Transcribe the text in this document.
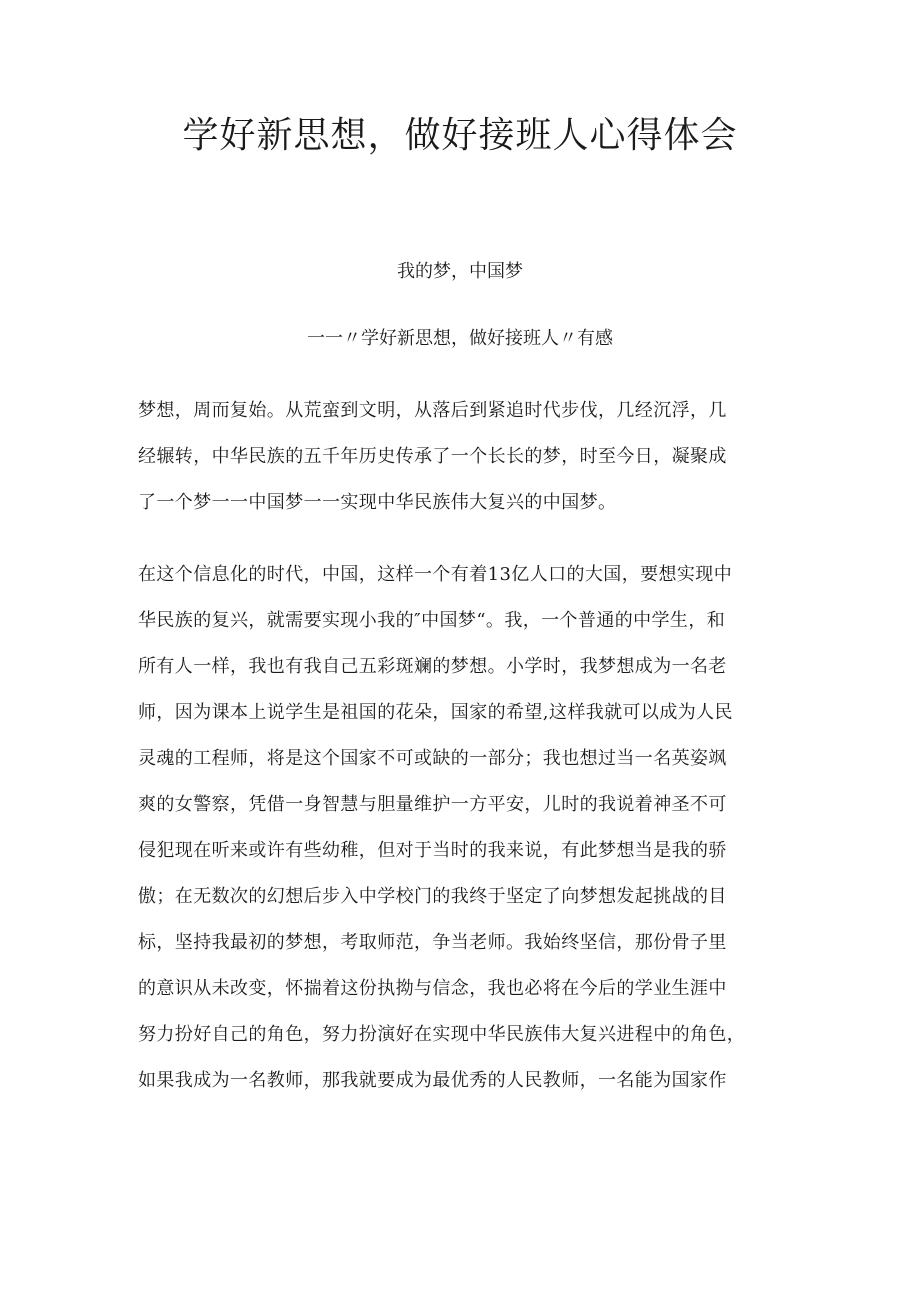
学好新思想，做好接班人心得体会
我的梦，中国梦
一一〃学好新思想，做好接班人〃有感
梦想，周而复始。从荒蛮到文明，从落后到紧追时代步伐，几经沉浮，几
经辗转，中华民族的五千年历史传承了一个长长的梦，时至今日，凝聚成
了一个梦一一中国梦一一实现中华民族伟大复兴的中国梦。
在这个信息化的时代，中国，这样一个有着13亿人口的大国，要想实现中
华民族的复兴，就需要实现小我的″中国梦“。我，一个普通的中学生，和
所有人一样，我也有我自己五彩斑斓的梦想。小学时，我梦想成为一名老
师，因为课本上说学生是祖国的花朵，国家的希望,这样我就可以成为人民
灵魂的工程师，将是这个国家不可或缺的一部分；我也想过当一名英姿飒
爽的女警察，凭借一身智慧与胆量维护一方平安，儿时的我说着神圣不可
侵犯现在听来或许有些幼稚，但对于当时的我来说，有此梦想当是我的骄
傲；在无数次的幻想后步入中学校门的我终于坚定了向梦想发起挑战的目
标，坚持我最初的梦想，考取师范，争当老师。我始终坚信，那份骨子里
的意识从未改变，怀揣着这份执拗与信念，我也必将在今后的学业生涯中
努力扮好自己的角色，努力扮演好在实现中华民族伟大复兴进程中的角色，
如果我成为一名教师，那我就要成为最优秀的人民教师，一名能为国家作
